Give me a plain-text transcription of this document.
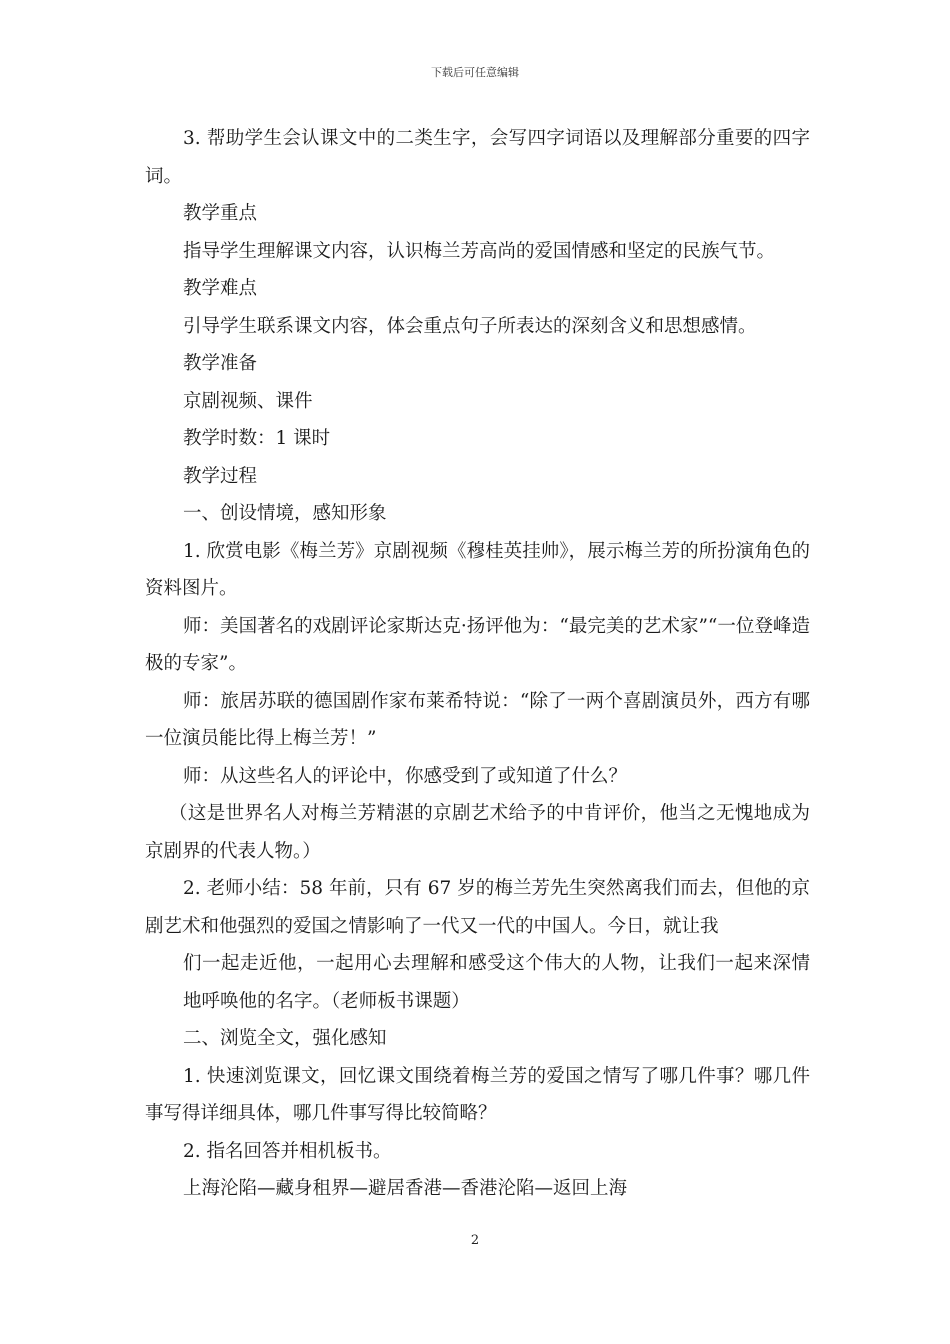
下载后可任意编辑

3. 帮助学生会认课文中的二类生字，会写四字词语以及理解部分重要的四字词。

教学重点

指导学生理解课文内容，认识梅兰芳高尚的爱国情感和坚定的民族气节。

教学难点

引导学生联系课文内容，体会重点句子所表达的深刻含义和思想感情。

教学准备

京剧视频、课件

教学时数：1 课时

教学过程

一、创设情境，感知形象

1. 欣赏电影《梅兰芳》京剧视频《穆桂英挂帅》，展示梅兰芳的所扮演角色的资料图片。

师：美国著名的戏剧评论家斯达克·扬评他为：“最完美的艺术家”“一位登峰造极的专家”。

师：旅居苏联的德国剧作家布莱希特说：“除了一两个喜剧演员外，西方有哪一位演员能比得上梅兰芳！”

师：从这些名人的评论中，你感受到了或知道了什么？

（这是世界名人对梅兰芳精湛的京剧艺术给予的中肯评价，他当之无愧地成为京剧界的代表人物。）

2. 老师小结：58 年前，只有 67 岁的梅兰芳先生突然离我们而去，但他的京剧艺术和他强烈的爱国之情影响了一代又一代的中国人。今日，就让我

们一起走近他，一起用心去理解和感受这个伟大的人物，让我们一起来深情地呼唤他的名字。（老师板书课题）

二、浏览全文，强化感知

1. 快速浏览课文，回忆课文围绕着梅兰芳的爱国之情写了哪几件事？哪几件事写得详细具体，哪几件事写得比较简略？

2. 指名回答并相机板书。

上海沦陷—藏身租界—避居香港—香港沦陷—返回上海

2
